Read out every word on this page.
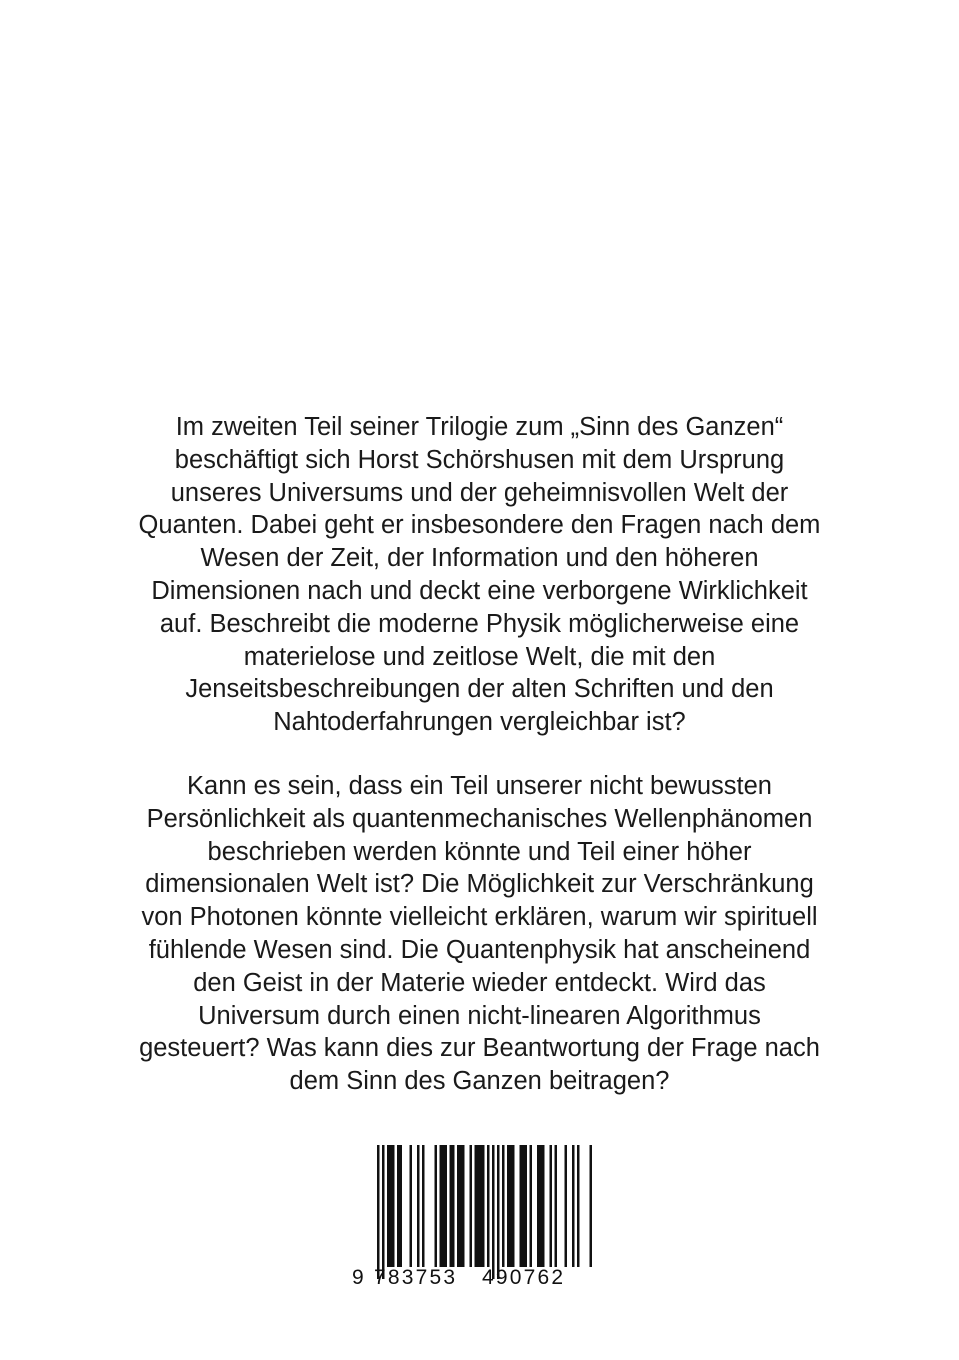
Im zweiten Teil seiner Trilogie zum „Sinn des Ganzen“
beschäftigt sich Horst Schörshusen mit dem Ursprung
unseres Universums und der geheimnisvollen Welt der
Quanten. Dabei geht er insbesondere den Fragen nach dem
Wesen der Zeit, der Information und den höheren
Dimensionen nach und deckt eine verborgene Wirklichkeit
auf. Beschreibt die moderne Physik möglicherweise eine
materielose und zeitlose Welt, die mit den
Jenseitsbeschreibungen der alten Schriften und den
Nahtoderfahrungen vergleichbar ist?
Kann es sein, dass ein Teil unserer nicht bewussten
Persönlichkeit als quantenmechanisches Wellenphänomen
beschrieben werden könnte und Teil einer höher
dimensionalen Welt ist? Die Möglichkeit zur Verschränkung
von Photonen könnte vielleicht erklären, warum wir spirituell
fühlende Wesen sind. Die Quantenphysik hat anscheinend
den Geist in der Materie wieder entdeckt. Wird das
Universum durch einen nicht-linearen Algorithmus
gesteuert? Was kann dies zur Beantwortung der Frage nach
dem Sinn des Ganzen beitragen?
9 783753 490762
